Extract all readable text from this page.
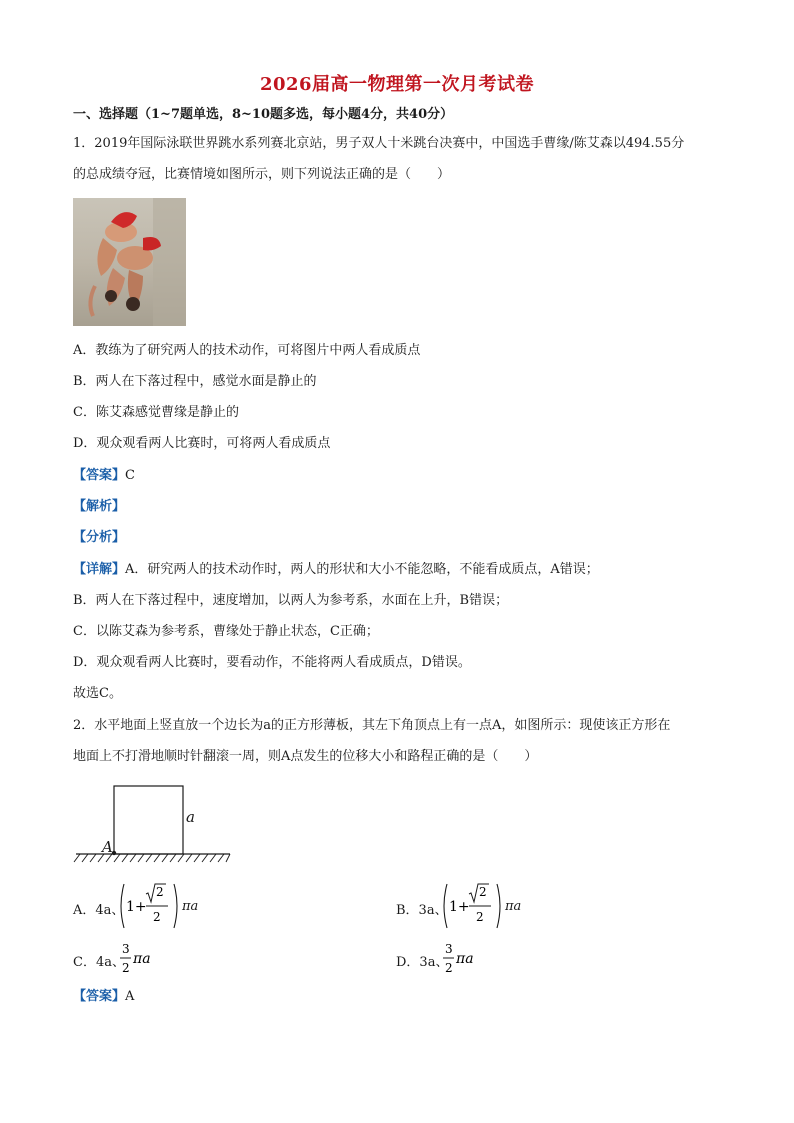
2026届高一物理第一次月考试卷
一、选择题（1~7题单选，8~10题多选，每小题4分，共40分）
1．2019年国际泳联世界跳水系列赛北京站，男子双人十米跳台决赛中，中国选手曹缘/陈艾森以494.55分
的总成绩夺冠，比赛情境如图所示，则下列说法正确的是（　　）
A．教练为了研究两人的技术动作，可将图片中两人看成质点
B．两人在下落过程中，感觉水面是静止的
C．陈艾森感觉曹缘是静止的
D．观众观看两人比赛时，可将两人看成质点
【答案】C
【解析】
【分析】
【详解】A．研究两人的技术动作时，两人的形状和大小不能忽略，不能看成质点，A错误；
B．两人在下落过程中，速度增加，以两人为参考系，水面在上升，B错误；
C．以陈艾森为参考系，曹缘处于静止状态，C正确；
D．观众观看两人比赛时，要看动作，不能将两人看成质点，D错误。
故选C。
2．水平地面上竖直放一个边长为a的正方形薄板，其左下角顶点上有一点A，如图所示：现使该正方形在
地面上不打滑地顺时针翻滚一周，则A点发生的位移大小和路程正确的是（　　）
a
A
A．4a、 1+
2
2
πa	B．3a、 1+
2
2
πa
C．4a、
3
2
πa	D．3a、
3
2
πa
【答案】A
